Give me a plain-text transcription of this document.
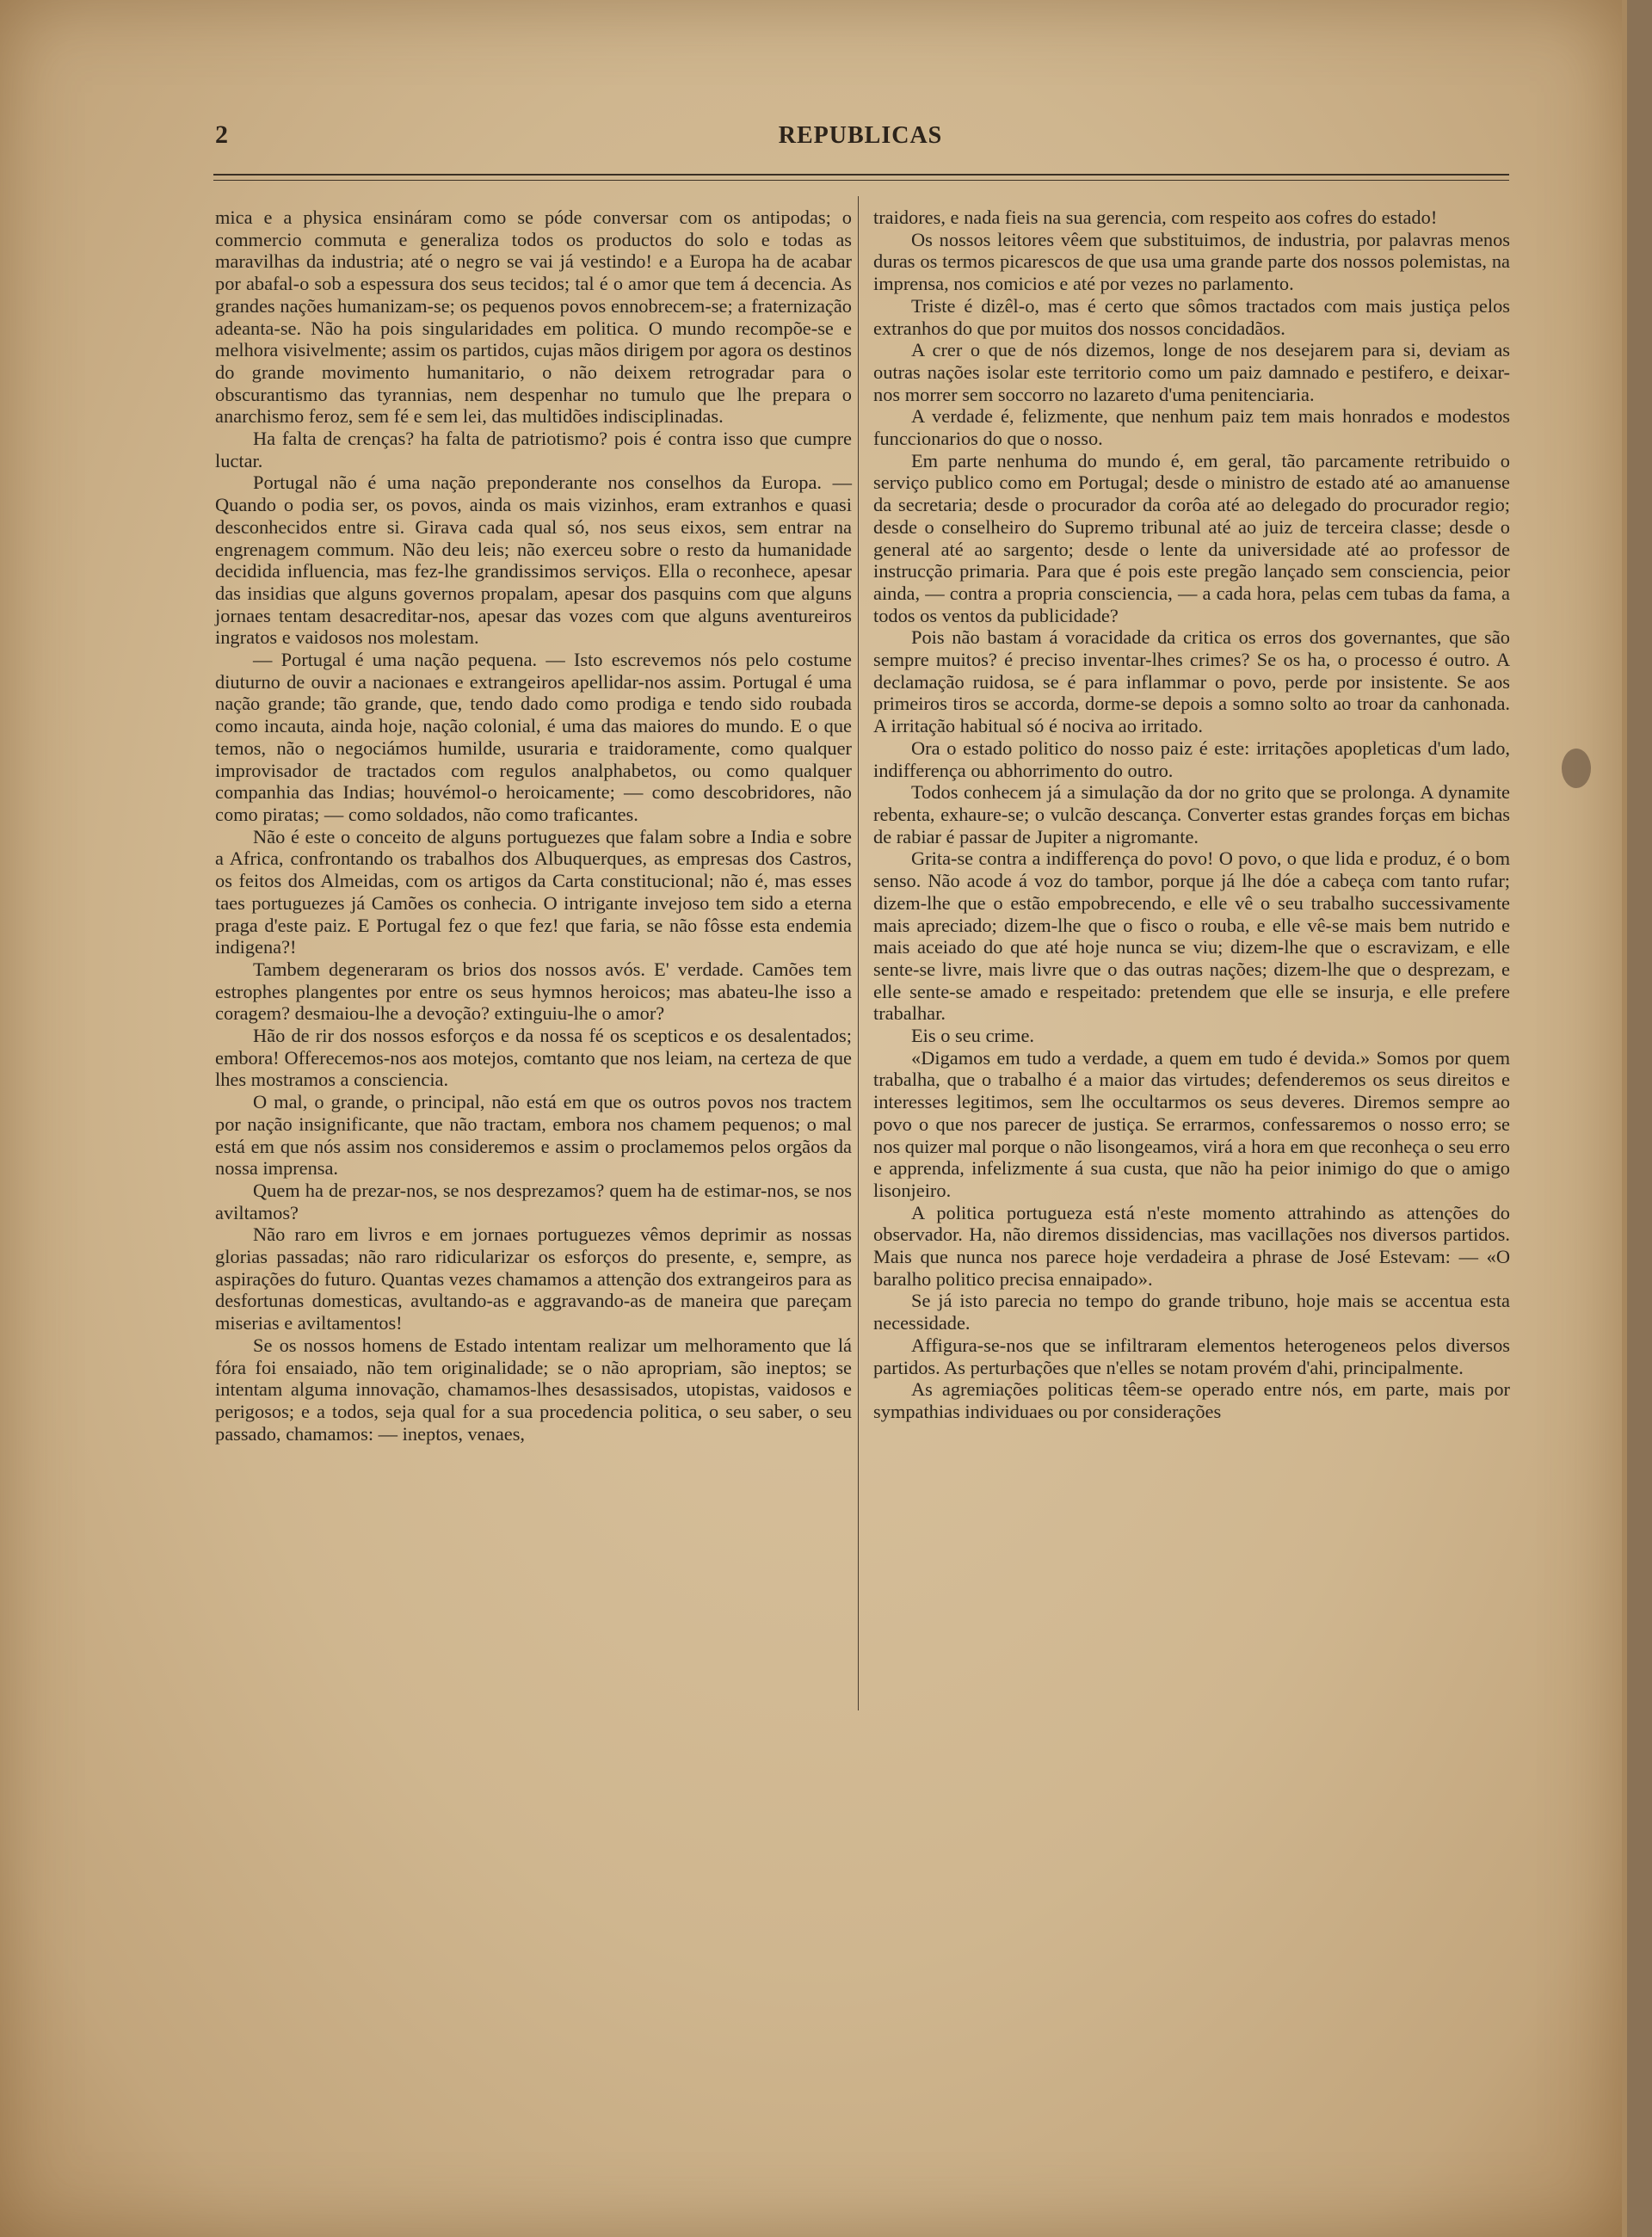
2	REPUBLICAS

mica e a physica ensináram como se póde conversar com os antipodas; o commercio commuta e generaliza todos os productos do solo e todas as maravilhas da industria; até o negro se vai já vestindo! e a Europa ha de acabar por abafal-o sob a espessura dos seus tecidos; tal é o amor que tem á decencia. As grandes nações humanizam-se; os pequenos povos ennobrecem-se; a fraternização adeanta-se. Não ha pois singularidades em politica. O mundo recompõe-se e melhora visivelmente; assim os partidos, cujas mãos dirigem por agora os destinos do grande movimento humanitario, o não deixem retrogradar para o obscurantismo das tyrannias, nem despenhar no tumulo que lhe prepara o anarchismo feroz, sem fé e sem lei, das multidões indisciplinadas.

Ha falta de crenças? ha falta de patriotismo? pois é contra isso que cumpre luctar.

Portugal não é uma nação preponderante nos conselhos da Europa. — Quando o podia ser, os povos, ainda os mais vizinhos, eram extranhos e quasi desconhecidos entre si. Girava cada qual só, nos seus eixos, sem entrar na engrenagem commum. Não deu leis; não exerceu sobre o resto da humanidade decidida influencia, mas fez-lhe grandissimos serviços. Ella o reconhece, apesar das insidias que alguns governos propalam, apesar dos pasquins com que alguns jornaes tentam desacreditar-nos, apesar das vozes com que alguns aventureiros ingratos e vaidosos nos molestam.

— Portugal é uma nação pequena. — Isto escrevemos nós pelo costume diuturno de ouvir a nacionaes e extrangeiros apellidar-nos assim. Portugal é uma nação grande; tão grande, que, tendo dado como prodiga e tendo sido roubada como incauta, ainda hoje, nação colonial, é uma das maiores do mundo. E o que temos, não o negociámos humilde, usuraria e traidoramente, como qualquer improvisador de tractados com regulos analphabetos, ou como qualquer companhia das Indias; houvémol-o heroicamente; — como descobridores, não como piratas; — como soldados, não como traficantes.

Não é este o conceito de alguns portuguezes que falam sobre a India e sobre a Africa, confrontando os trabalhos dos Albuquerques, as empresas dos Castros, os feitos dos Almeidas, com os artigos da Carta constitucional; não é, mas esses taes portuguezes já Camões os conhecia. O intrigante invejoso tem sido a eterna praga d'este paiz. E Portugal fez o que fez! que faria, se não fôsse esta endemia indigena?!

Tambem degeneraram os brios dos nossos avós. E' verdade. Camões tem estrophes plangentes por entre os seus hymnos heroicos; mas abateu-lhe isso a coragem? desmaiou-lhe a devoção? extinguiu-lhe o amor?

Hão de rir dos nossos esforços e da nossa fé os scepticos e os desalentados; embora! Offerecemos-nos aos motejos, comtanto que nos leiam, na certeza de que lhes mostramos a consciencia.

O mal, o grande, o principal, não está em que os outros povos nos tractem por nação insignificante, que não tractam, embora nos chamem pequenos; o mal está em que nós assim nos consideremos e assim o proclamemos pelos orgãos da nossa imprensa.

Quem ha de prezar-nos, se nos desprezamos? quem ha de estimar-nos, se nos aviltamos?

Não raro em livros e em jornaes portuguezes vêmos deprimir as nossas glorias passadas; não raro ridicularizar os esforços do presente, e, sempre, as aspirações do futuro. Quantas vezes chamamos a attenção dos extrangeiros para as desfortunas domesticas, avultando-as e aggravando-as de maneira que pareçam miserias e aviltamentos!

Se os nossos homens de Estado intentam realizar um melhoramento que lá fóra foi ensaiado, não tem originalidade; se o não apropriam, são ineptos; se intentam alguma innovação, chamamos-lhes desassisados, utopistas, vaidosos e perigosos; e a todos, seja qual for a sua procedencia politica, o seu saber, o seu passado, chamamos: — ineptos, venaes,

traidores, e nada fieis na sua gerencia, com respeito aos cofres do estado!

Os nossos leitores vêem que substituimos, de industria, por palavras menos duras os termos picarescos de que usa uma grande parte dos nossos polemistas, na imprensa, nos comicios e até por vezes no parlamento.

Triste é dizêl-o, mas é certo que sômos tractados com mais justiça pelos extranhos do que por muitos dos nossos concidadãos.

A crer o que de nós dizemos, longe de nos desejarem para si, deviam as outras nações isolar este territorio como um paiz damnado e pestifero, e deixar-nos morrer sem soccorro no lazareto d'uma penitenciaria.

A verdade é, felizmente, que nenhum paiz tem mais honrados e modestos funccionarios do que o nosso.

Em parte nenhuma do mundo é, em geral, tão parcamente retribuido o serviço publico como em Portugal; desde o ministro de estado até ao amanuense da secretaria; desde o procurador da corôa até ao delegado do procurador regio; desde o conselheiro do Supremo tribunal até ao juiz de terceira classe; desde o general até ao sargento; desde o lente da universidade até ao professor de instrucção primaria. Para que é pois este pregão lançado sem consciencia, peior ainda, — contra a propria consciencia, — a cada hora, pelas cem tubas da fama, a todos os ventos da publicidade?

Pois não bastam á voracidade da critica os erros dos governantes, que são sempre muitos? é preciso inventar-lhes crimes? Se os ha, o processo é outro. A declamação ruidosa, se é para inflammar o povo, perde por insistente. Se aos primeiros tiros se accorda, dorme-se depois a somno solto ao troar da canhonada. A irritação habitual só é nociva ao irritado.

Ora o estado politico do nosso paiz é este: irritações apopleticas d'um lado, indifferença ou abhorrimento do outro.

Todos conhecem já a simulação da dor no grito que se prolonga. A dynamite rebenta, exhaure-se; o vulcão descança. Converter estas grandes forças em bichas de rabiar é passar de Jupiter a nigromante.

Grita-se contra a indifferença do povo! O povo, o que lida e produz, é o bom senso. Não acode á voz do tambor, porque já lhe dóe a cabeça com tanto rufar; dizem-lhe que o estão empobrecendo, e elle vê o seu trabalho successivamente mais apreciado; dizem-lhe que o fisco o rouba, e elle vê-se mais bem nutrido e mais aceiado do que até hoje nunca se viu; dizem-lhe que o escravizam, e elle sente-se livre, mais livre que o das outras nações; dizem-lhe que o desprezam, e elle sente-se amado e respeitado: pretendem que elle se insurja, e elle prefere trabalhar.

Eis o seu crime.

«Digamos em tudo a verdade, a quem em tudo é devida.» Somos por quem trabalha, que o trabalho é a maior das virtudes; defenderemos os seus direitos e interesses legitimos, sem lhe occultarmos os seus deveres. Diremos sempre ao povo o que nos parecer de justiça. Se errarmos, confessaremos o nosso erro; se nos quizer mal porque o não lisongeamos, virá a hora em que reconheça o seu erro e apprenda, infelizmente á sua custa, que não ha peior inimigo do que o amigo lisonjeiro.

A politica portugueza está n'este momento attrahindo as attenções do observador. Ha, não diremos dissidencias, mas vacillações nos diversos partidos. Mais que nunca nos parece hoje verdadeira a phrase de José Estevam: — «O baralho politico precisa ennaipado».

Se já isto parecia no tempo do grande tribuno, hoje mais se accentua esta necessidade.

Affigura-se-nos que se infiltraram elementos heterogeneos pelos diversos partidos. As perturbações que n'elles se notam provém d'ahi, principalmente.

As agremiações politicas têem-se operado entre nós, em parte, mais por sympathias individuaes ou por considerações
